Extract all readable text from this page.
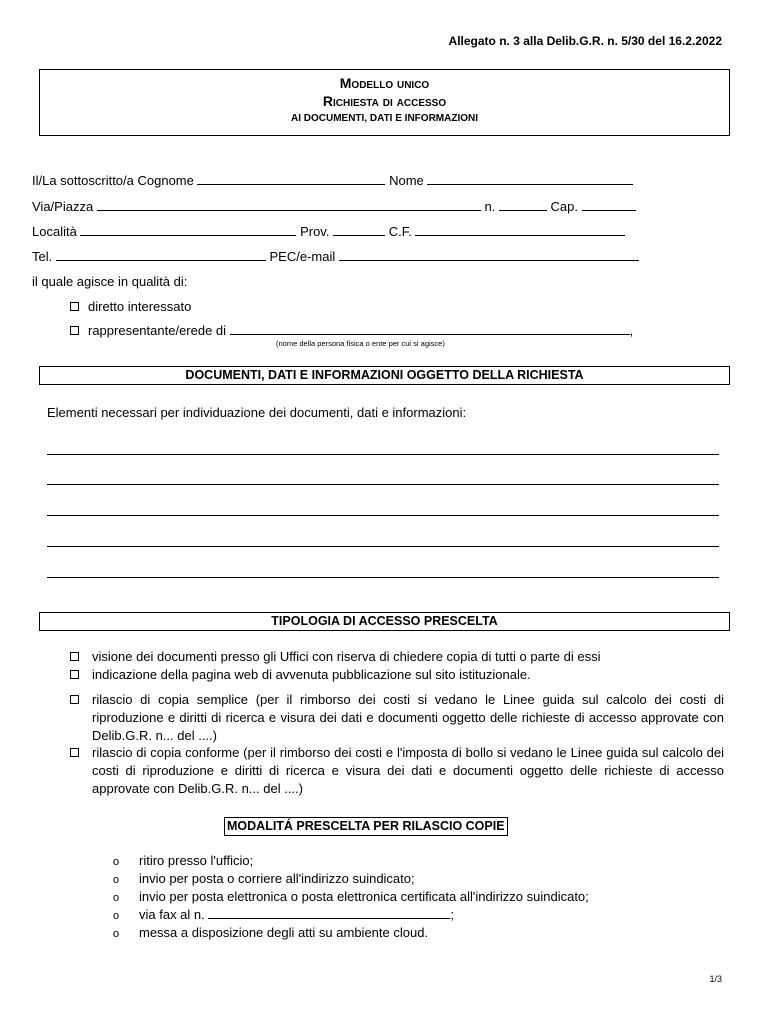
Allegato n. 3 alla Delib.G.R. n. 5/30 del 16.2.2022
Modello unico
Richiesta di accesso
AI DOCUMENTI, DATI E INFORMAZIONI
Il/La sottoscritto/a Cognome	Nome
Via/Piazza	n.	Cap.
Località	Prov.	C.F.
Tel.	PEC/e-mail
il quale agisce in qualità di:
diretto interessato
rappresentante/erede di	,
(nome della persona fisica o ente per cui si agisce)
DOCUMENTI, DATI E INFORMAZIONI OGGETTO DELLA RICHIESTA
Elementi necessari per individuazione dei documenti, dati e informazioni:
TIPOLOGIA DI ACCESSO PRESCELTA
visione dei documenti presso gli Uffici con riserva di chiedere copia di tutti o parte di essi
indicazione della pagina web di avvenuta pubblicazione sul sito istituzionale.
rilascio di copia semplice (per il rimborso dei costi si vedano le Linee guida sul calcolo dei costi di riproduzione e diritti di ricerca e visura dei dati e documenti oggetto delle richieste di accesso approvate con Delib.G.R. n... del ....)
rilascio di copia conforme (per il rimborso dei costi e l'imposta di bollo si vedano le Linee guida sul calcolo dei costi di riproduzione e diritti di ricerca e visura dei dati e documenti oggetto delle richieste di accesso approvate con Delib.G.R. n... del ....)
MODALITÁ PRESCELTA PER RILASCIO COPIE
o ritiro presso l'ufficio;
o invio per posta o corriere all'indirizzo suindicato;
o invio per posta elettronica o posta elettronica certificata all'indirizzo suindicato;
o via fax al n.	;
o messa a disposizione degli atti su ambiente cloud.
1/3
